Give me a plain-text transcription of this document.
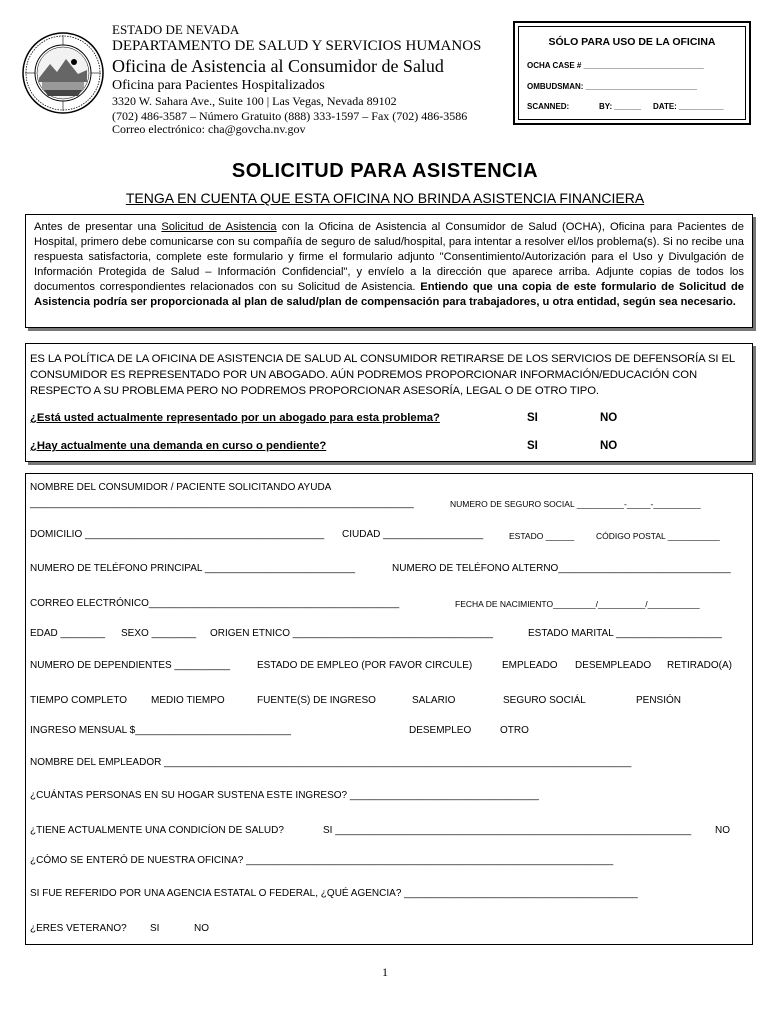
ESTADO DE NEVADA
DEPARTAMENTO DE SALUD Y SERVICIOS HUMANOS
Oficina de Asistencia al Consumidor de Salud
Oficina para Pacientes Hospitalizados
3320 W. Sahara Ave., Suite 100 | Las Vegas, Nevada 89102
(702) 486-3587 – Número Gratuito (888) 333-1597 – Fax (702) 486-3586
Correo electrónico: cha@govcha.nv.gov
SÓLO PARA USO DE LA OFICINA
OCHA CASE # ___________________________
OMBUDSMAN: _________________________
SCANNED:	BY: ______ DATE: __________
SOLICITUD PARA ASISTENCIA
TENGA EN CUENTA QUE ESTA OFICINA NO BRINDA ASISTENCIA FINANCIERA
Antes de presentar una Solicitud de Asistencia con la Oficina de Asistencia al Consumidor de Salud (OCHA), Oficina para Pacientes de Hospital, primero debe comunicarse con su compañía de seguro de salud/hospital, para intentar a resolver el/los problema(s). Si no recibe una respuesta satisfactoria, complete este formulario y firme el formulario adjunto "Consentimiento/Autorización para el Uso y Divulgación de Información Protegida de Salud – Información Confidencial", y envíelo a la dirección que aparece arriba. Adjunte copias de todos los documentos correspondientes relacionados con su Solicitud de Asistencia. Entiendo que una copia de este formulario de Solicitud de Asistencia podría ser proporcionada al plan de salud/plan de compensación para trabajadores, u otra entidad, según sea necesario.
ES LA POLÍTICA DE LA OFICINA DE ASISTENCIA DE SALUD AL CONSUMIDOR RETIRARSE DE LOS SERVICIOS DE DEFENSORÍA SI EL CONSUMIDOR ES REPRESENTADO POR UN ABOGADO. AÚN PODREMOS PROPORCIONAR INFORMACIÓN/EDUCACIÓN CON RESPECTO A SU PROBLEMA PERO NO PODREMOS PROPORCIONAR ASESORÍA, LEGAL O DE OTRO TIPO.
¿Está usted actualmente representado por un abogado para esta problema?	SI	NO
¿Hay actualmente una demanda en curso o pendiente?	SI	NO
NOMBRE DEL CONSUMIDOR / PACIENTE SOLICITANDO AYUDA
_____________________________________________________________________	NUMERO DE SEGURO SOCIAL __________-_____-__________
DOMICILIO ___________________________________________ CIUDAD __________________	ESTADO ______	CÓDIGO POSTAL ___________
NUMERO DE TELÉFONO PRINCIPAL ___________________________	NUMERO DE TELÉFONO ALTERNO_______________________________
CORREO ELECTRÓNICO_____________________________________________	FECHA DE NACIMIENTO_________/__________/___________
EDAD ________ SEXO ________ ORIGEN ETNICO ____________________________________	ESTADO MARITAL ___________________
NUMERO DE DEPENDIENTES __________	ESTADO DE EMPLEO (POR FAVOR CIRCULE)	EMPLEADO DESEMPLEADO RETIRADO(A)
TIEMPO COMPLETO MEDIO TIEMPO	FUENTE(S) DE INGRESO	SALARIO	SEGURO SOCIÁL	PENSIÓN
INGRESO MENSUAL $____________________________	DESEMPLEO	OTRO
NOMBRE DEL EMPLEADOR ____________________________________________________________________________________
¿CUÁNTAS PERSONAS EN SU HOGAR SUSTENA ESTE INGRESO? __________________________________
¿TIENE ACTUALMENTE UNA CONDICÍON DE SALUD?	SI ________________________________________________________________ NO
¿CÓMO SE ENTERÓ DE NUESTRA OFICINA? __________________________________________________________________
SI FUE REFERIDO POR UNA AGENCIA ESTATAL O FEDERAL, ¿QUÉ AGENCIA? __________________________________________
¿ERES VETERANO? SI	NO
1
